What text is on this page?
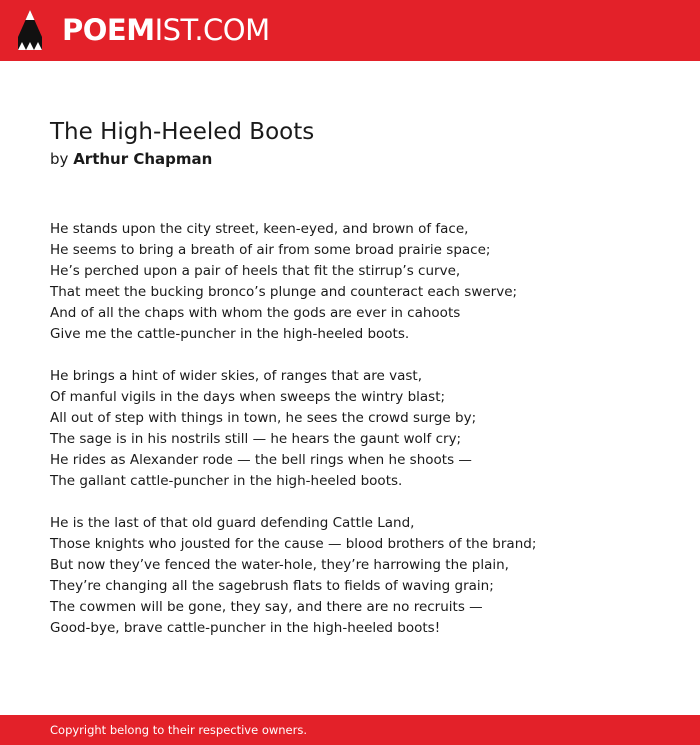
POEMIST.COM
The High-Heeled Boots
by Arthur Chapman
He stands upon the city street, keen-eyed, and brown of face,
He seems to bring a breath of air from some broad prairie space;
He’s perched upon a pair of heels that fit the stirrup’s curve,
That meet the bucking bronco’s plunge and counteract each swerve;
And of all the chaps with whom the gods are ever in cahoots
Give me the cattle-puncher in the high-heeled boots.
He brings a hint of wider skies, of ranges that are vast,
Of manful vigils in the days when sweeps the wintry blast;
All out of step with things in town, he sees the crowd surge by;
The sage is in his nostrils still — he hears the gaunt wolf cry;
He rides as Alexander rode — the bell rings when he shoots —
The gallant cattle-puncher in the high-heeled boots.
He is the last of that old guard defending Cattle Land,
Those knights who jousted for the cause — blood brothers of the brand;
But now they’ve fenced the water-hole, they’re harrowing the plain,
They’re changing all the sagebrush flats to fields of waving grain;
The cowmen will be gone, they say, and there are no recruits —
Good-bye, brave cattle-puncher in the high-heeled boots!
Copyright belong to their respective owners.
